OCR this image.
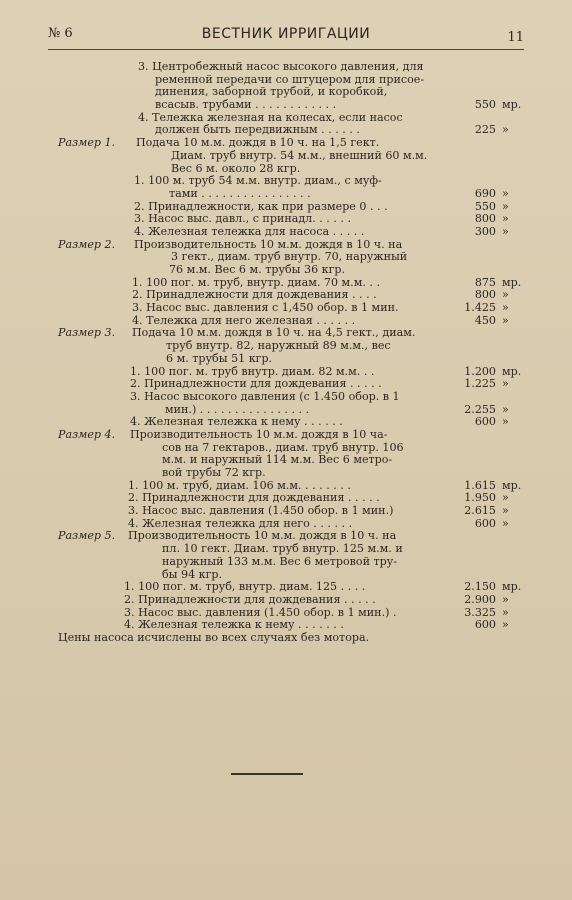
№ 6	ВЕСТНИК ИРРИГАЦИИ	11
3. Центробежный насос высокого давления, для
ременной передачи со штуцером для присое-
динения, заборной трубой, и коробкой,
всасыв. трубами . . . . . . . . . . . .	550 мр.
4. Тележка железная на колесах, если насос
должен быть передвижным . . . . . .	225 »
Размер 1. Подача 10 м.м. дождя в 10 ч. на 1,5 гект.
Диам. труб внутр. 54 м.м., внешний 60 м.м.
Вес 6 м. около 28 кгр.
1. 100 м. труб 54 м.м. внутр. диам., с муф-
тами . . . . . . . . . . . . . . . .	690 »
2. Принадлежности, как при размере 0 . . .	550 »
3. Насос выс. давл., с принадл. . . . . .	800 »
4. Железная тележка для насоса . . . . .	300 »
Размер 2. Производительность 10 м.м. дождя в 10 ч. на
3 гект., диам. труб внутр. 70, наружный
76 м.м. Вес 6 м. трубы 36 кгр.
1. 100 пог. м. труб, внутр. диам. 70 м.м. . .	875 мр.
2. Принадлежности для дождевания . . . .	800 »
3. Насос выс. давления с 1,450 обор. в 1 мин.	1.425 »
4. Тележка для него железная . . . . . .	450 »
Размер 3. Подача 10 м.м. дождя в 10 ч. на 4,5 гект., диам.
труб внутр. 82, наружный 89 м.м., вес
6 м. трубы 51 кгр.
1. 100 пог. м. труб внутр. диам. 82 м.м. . .	1.200 мр.
2. Принадлежности для дождевания . . . . .	1.225 »
3. Насос высокого давления (с 1.450 обор. в 1
мин.) . . . . . . . . . . . . . . . .	2.255 »
4. Железная тележка к нему . . . . . .	600 »
Размер 4. Производительность 10 м.м. дождя в 10 ча-
сов на 7 гектаров., диам. труб внутр. 106
м.м. и наружный 114 м.м. Вес 6 метро-
вой трубы 72 кгр.
1. 100 м. труб, диам. 106 м.м. . . . . . . .	1.615 мр.
2. Принадлежности для дождевания . . . . .	1.950 »
3. Насос выс. давления (1.450 обор. в 1 мин.)	2.615 »
4. Железная тележка для него . . . . . .	600 »
Размер 5. Производительность 10 м.м. дождя в 10 ч. на
пл. 10 гект. Диам. труб внутр. 125 м.м. и
наружный 133 м.м. Вес 6 метровой тру-
бы 94 кгр.
1. 100 пог. м. труб, внутр. диам. 125 . . . .	2.150 мр.
2. Принадлежности для дождевания . . . . .	2.900 »
3. Насос выс. давления (1.450 обор. в 1 мин.) .	3.325 »
4. Железная тележка к нему . . . . . . .	600 »
Цены насоса исчислены во всех случаях без мотора.
